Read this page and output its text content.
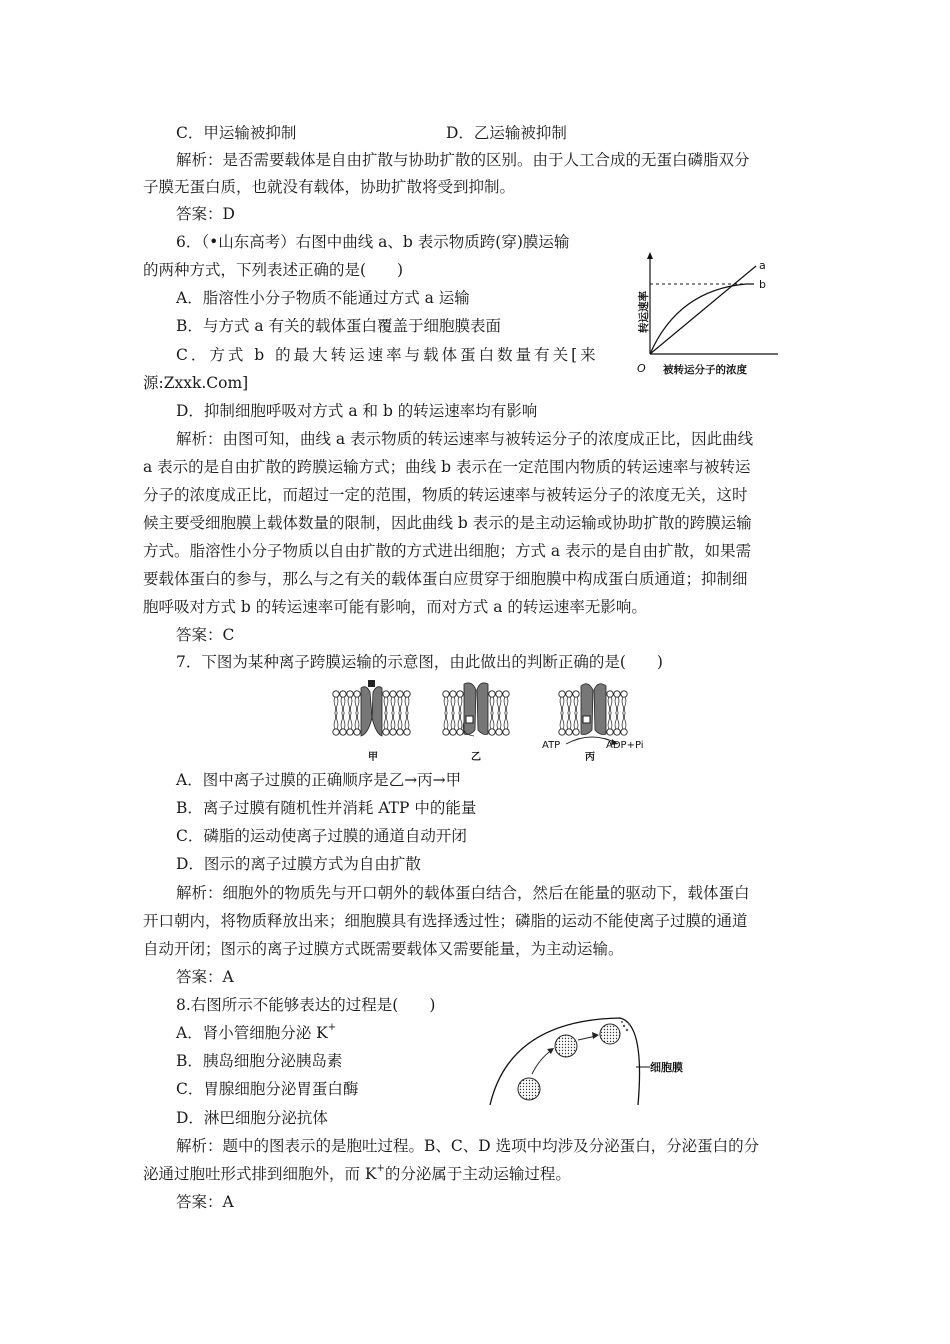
C．甲运输被抑制	D．乙运输被抑制
解析：是否需要载体是自由扩散与协助扩散的区别。由于人工合成的无蛋白磷脂双分
子膜无蛋白质，也就没有载体，协助扩散将受到抑制。
答案：D
6．（•山东高考）右图中曲线 a、b 表示物质跨(穿)膜运输
的两种方式，下列表述正确的是(　　)
A．脂溶性小分子物质不能通过方式 a 运输
B．与方式 a 有关的载体蛋白覆盖于细胞膜表面
C．方式 b 的最大转运速率与载体蛋白数量有关[来
源:Zxxk.Com]
D．抑制细胞呼吸对方式 a 和 b 的转运速率均有影响
a
b
O 被转运分子的浓度
转运速率
解析：由图可知，曲线 a 表示物质的转运速率与被转运分子的浓度成正比，因此曲线
a 表示的是自由扩散的跨膜运输方式；曲线 b 表示在一定范围内物质的转运速率与被转运
分子的浓度成正比，而超过一定的范围，物质的转运速率与被转运分子的浓度无关，这时
候主要受细胞膜上载体数量的限制，因此曲线 b 表示的是主动运输或协助扩散的跨膜运输
方式。脂溶性小分子物质以自由扩散的方式进出细胞；方式 a 表示的是自由扩散，如果需
要载体蛋白的参与，那么与之有关的载体蛋白应贯穿于细胞膜中构成蛋白质通道；抑制细
胞呼吸对方式 b 的转运速率可能有影响，而对方式 a 的转运速率无影响。
答案：C
7．下图为某种离子跨膜运输的示意图，由此做出的判断正确的是(　　)
甲	乙
ATP	ADP+Pi
丙
A．图中离子过膜的正确顺序是乙→丙→甲
B．离子过膜有随机性并消耗 ATP 中的能量
C．磷脂的运动使离子过膜的通道自动开闭
D．图示的离子过膜方式为自由扩散
解析：细胞外的物质先与开口朝外的载体蛋白结合，然后在能量的驱动下，载体蛋白
开口朝内，将物质释放出来；细胞膜具有选择透过性；磷脂的运动不能使离子过膜的通道
自动开闭；图示的离子过膜方式既需要载体又需要能量，为主动运输。
答案：A
8.右图所示不能够表达的过程是(　　)
A．肾小管细胞分泌 K+
B．胰岛细胞分泌胰岛素
C．胃腺细胞分泌胃蛋白酶
D．淋巴细胞分泌抗体
细胞膜
解析：题中的图表示的是胞吐过程。B、C、D 选项中均涉及分泌蛋白，分泌蛋白的分
泌通过胞吐形式排到细胞外，而 K+的分泌属于主动运输过程。
答案：A
